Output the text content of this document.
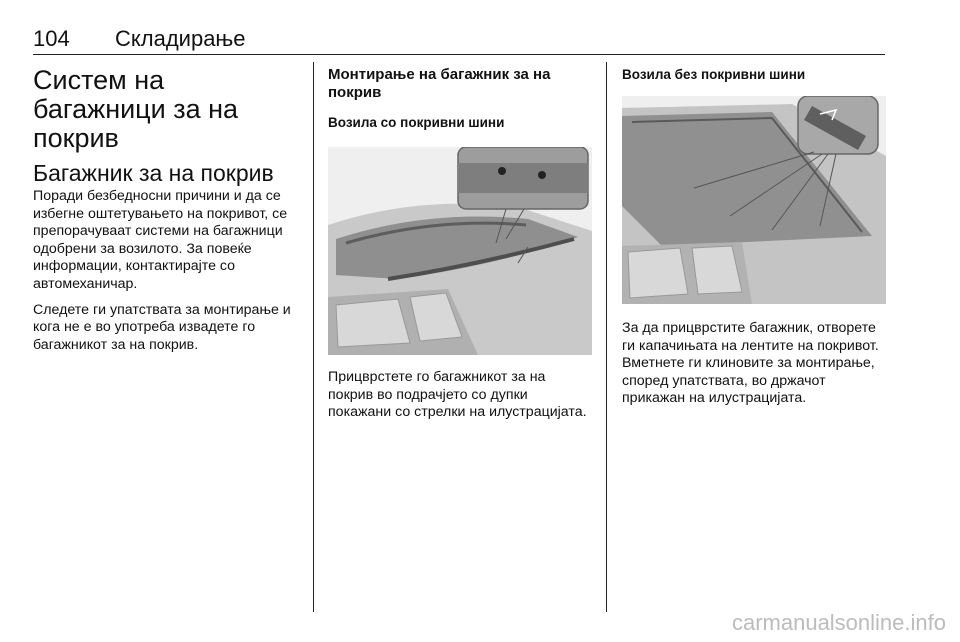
104 Складирање
Систем на багажници за на покрив
Багажник за на покрив

Поради безбедносни причини и да се избегне оштетувањето на покривот, се препорачуваат системи на багажници одобрени за возилото. За повеќе информации, контактирајте со автомеханичар.

Следете ги упатствата за монтирање и кога не е во употреба извадете го багажникот за на покрив.

Монтирање на багажник за на покрив
Возила со покривни шини

Прицврстете го багажникот за на покрив во подрачјето со дупки покажани со стрелки на илустрацијата.

Возила без покривни шини

За да прицврстите багажник, отворете ги капачињата на лентите на покривот. Вметнете ги клиновите за монтирање, според упатствата, во држачот прикажан на илустрацијата.

carmanualsonline.info
